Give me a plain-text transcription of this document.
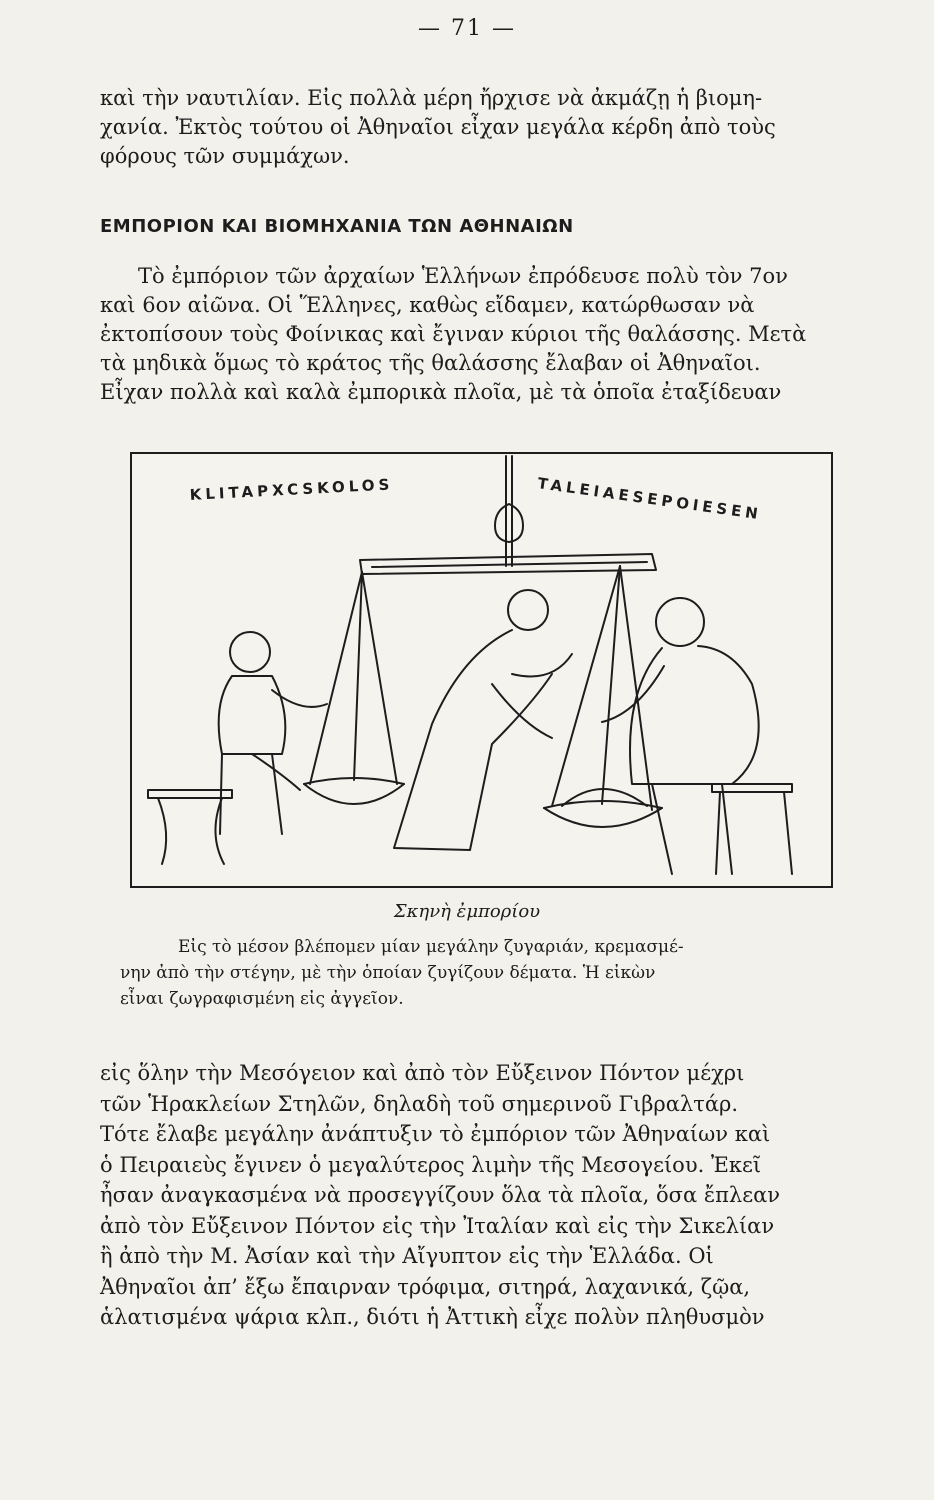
— 71 —
καὶ τὴν ναυτιλίαν. Εἰς πολλὰ μέρη ἤρχισε νὰ ἀκμάζῃ ἡ βιομη-
χανία. Ἐκτὸς τούτου οἱ Ἀθηναῖοι εἶχαν μεγάλα κέρδη ἀπὸ τοὺς
φόρους τῶν συμμάχων.
ΕΜΠΟΡΙΟΝ ΚΑΙ ΒΙΟΜΗΧΑΝΙΑ ΤΩΝ ΑΘΗΝΑΙΩΝ
Τὸ ἐμπόριον τῶν ἀρχαίων Ἑλλήνων ἐπρόδευσε πολὺ τὸν 7ον
καὶ 6ον αἰῶνα. Οἱ Ἕλληνες, καθὼς εἴδαμεν, κατώρθωσαν νὰ
ἐκτοπίσουν τοὺς Φοίνικας καὶ ἔγιναν κύριοι τῆς θαλάσσης. Μετὰ
τὰ μηδικὰ ὅμως τὸ κράτος τῆς θαλάσσης ἔλαβαν οἱ Ἀθηναῖοι.
Εἶχαν πολλὰ καὶ καλὰ ἐμπορικὰ πλοῖα, μὲ τὰ ὁποῖα ἐταξίδευαν
KLITAPXCSKOLOS	TALEIAESEPOIESEN
Σκηνὴ ἐμπορίου
Εἰς τὸ μέσον βλέπομεν μίαν μεγάλην ζυγαριάν, κρεμασμέ-
νην ἀπὸ τὴν στέγην, μὲ τὴν ὁποίαν ζυγίζουν δέματα. Ἡ εἰκὼν
εἶναι ζωγραφισμένη εἰς ἀγγεῖον.
εἰς ὅλην τὴν Μεσόγειον καὶ ἀπὸ τὸν Εὔξεινον Πόντον μέχρι
τῶν Ἡρακλείων Στηλῶν, δηλαδὴ τοῦ σημερινοῦ Γιβραλτάρ.
Τότε ἔλαβε μεγάλην ἀνάπτυξιν τὸ ἐμπόριον τῶν Ἀθηναίων καὶ
ὁ Πειραιεὺς ἔγινεν ὁ μεγαλύτερος λιμὴν τῆς Μεσογείου. Ἐκεῖ
ἦσαν ἀναγκασμένα νὰ προσεγγίζουν ὅλα τὰ πλοῖα, ὅσα ἔπλεαν
ἀπὸ τὸν Εὔξεινον Πόντον εἰς τὴν Ἰταλίαν καὶ εἰς τὴν Σικελίαν
ἢ ἀπὸ τὴν Μ. Ἀσίαν καὶ τὴν Αἴγυπτον εἰς τὴν Ἑλλάδα. Οἱ
Ἀθηναῖοι ἀπ’ ἔξω ἔπαιρναν τρόφιμα, σιτηρά, λαχανικά, ζῷα,
ἁλατισμένα ψάρια κλπ., διότι ἡ Ἀττικὴ εἶχε πολὺν πληθυσμὸν
